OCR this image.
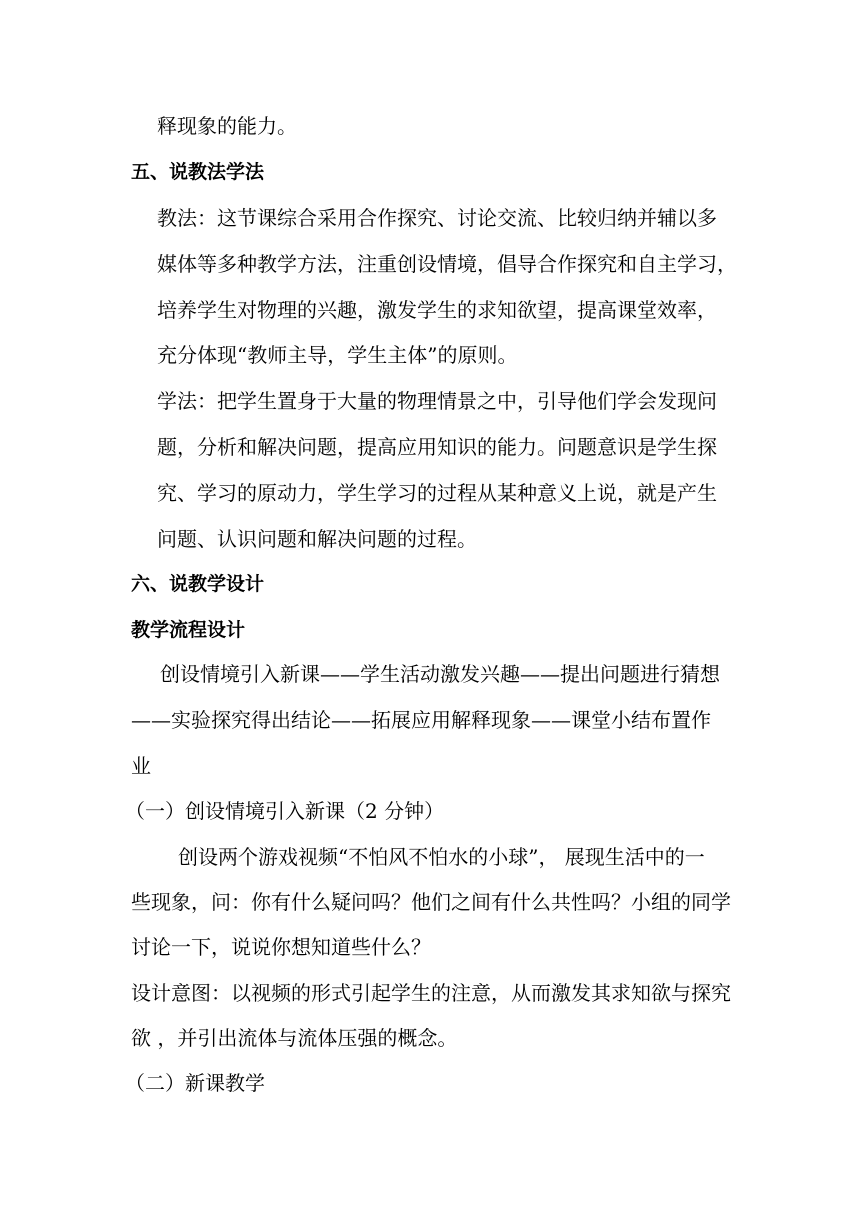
释现象的能力。
五、说教法学法
教法：这节课综合采用合作探究、讨论交流、比较归纳并辅以多
媒体等多种教学方法，注重创设情境，倡导合作探究和自主学习，
培养学生对物理的兴趣，激发学生的求知欲望，提高课堂效率，
充分体现“教师主导，学生主体”的原则。
学法：把学生置身于大量的物理情景之中，引导他们学会发现问
题，分析和解决问题，提高应用知识的能力。问题意识是学生探
究、学习的原动力，学生学习的过程从某种意义上说，就是产生
问题、认识问题和解决问题的过程。
六、说教学设计
教学流程设计
创设情境引入新课——学生活动激发兴趣——提出问题进行猜想
——实验探究得出结论——拓展应用解释现象——课堂小结布置作
业
（一）创设情境引入新课（2 分钟）
创设两个游戏视频“不怕风不怕水的小球”， 展现生活中的一
些现象，问：你有什么疑问吗？他们之间有什么共性吗？小组的同学
讨论一下，说说你想知道些什么？
设计意图：以视频的形式引起学生的注意，从而激发其求知欲与探究
欲 ，并引出流体与流体压强的概念。
（二）新课教学
